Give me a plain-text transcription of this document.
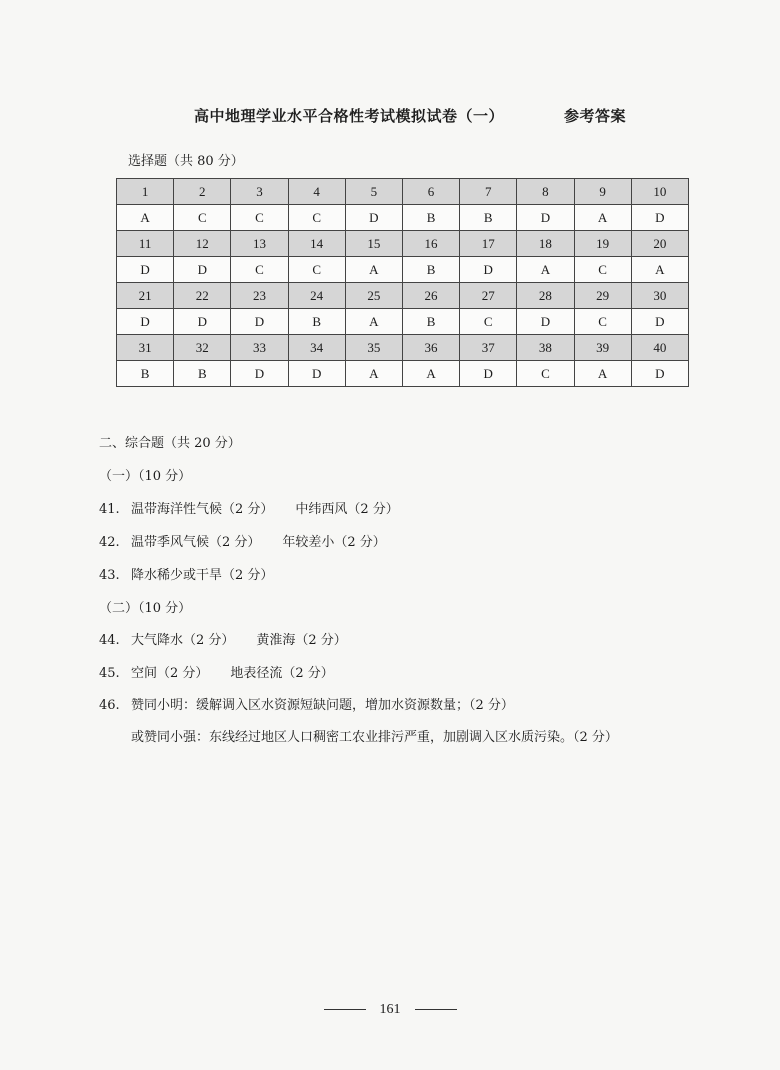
高中地理学业水平合格性考试模拟试卷（一）	参考答案
选择题（共 80 分）
1	2	3	4	5	6	7	8	9	10
A	C	C	C	D	B	B	D	A	D
11	12	13	14	15	16	17	18	19	20
D	D	C	C	A	B	D	A	C	A
21	22	23	24	25	26	27	28	29	30
D	D	D	B	A	B	C	D	C	D
31	32	33	34	35	36	37	38	39	40
B	B	D	D	A	A	D	C	A	D
二、综合题（共 20 分）
（一）（10 分）
41. 温带海洋性气候（2 分） 中纬西风（2 分）
42. 温带季风气候（2 分） 年较差小（2 分）
43. 降水稀少或干旱（2 分）
（二）（10 分）
44. 大气降水（2 分） 黄淮海（2 分）
45. 空间（2 分） 地表径流（2 分）
46. 赞同小明：缓解调入区水资源短缺问题，增加水资源数量；（2 分）
或赞同小强：东线经过地区人口稠密工农业排污严重，加剧调入区水质污染。（2 分）
161
